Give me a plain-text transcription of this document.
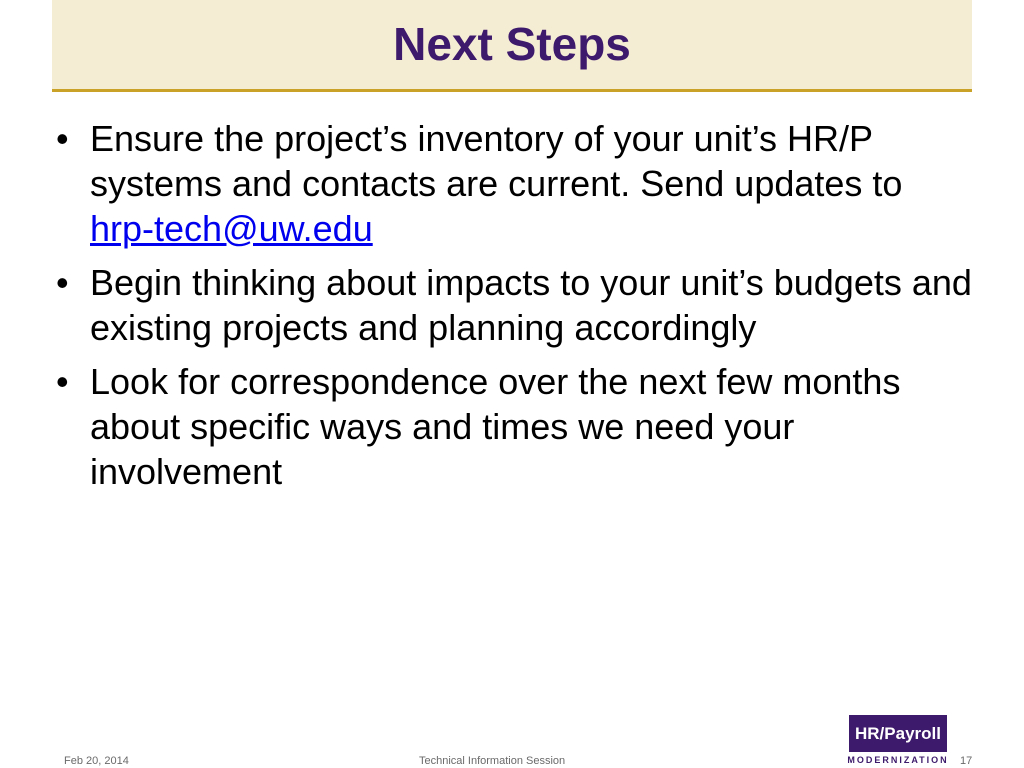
Next Steps
• Ensure the project’s inventory of your unit’s HR/P systems and contacts are current. Send updates to hrp-tech@uw.edu
• Begin thinking about impacts to your unit’s budgets and existing projects and planning accordingly
• Look for correspondence over the next few months about specific ways and times we need your involvement
Feb 20, 2014	Technical Information Session	17
HR/Payroll
MODERNIZATION
